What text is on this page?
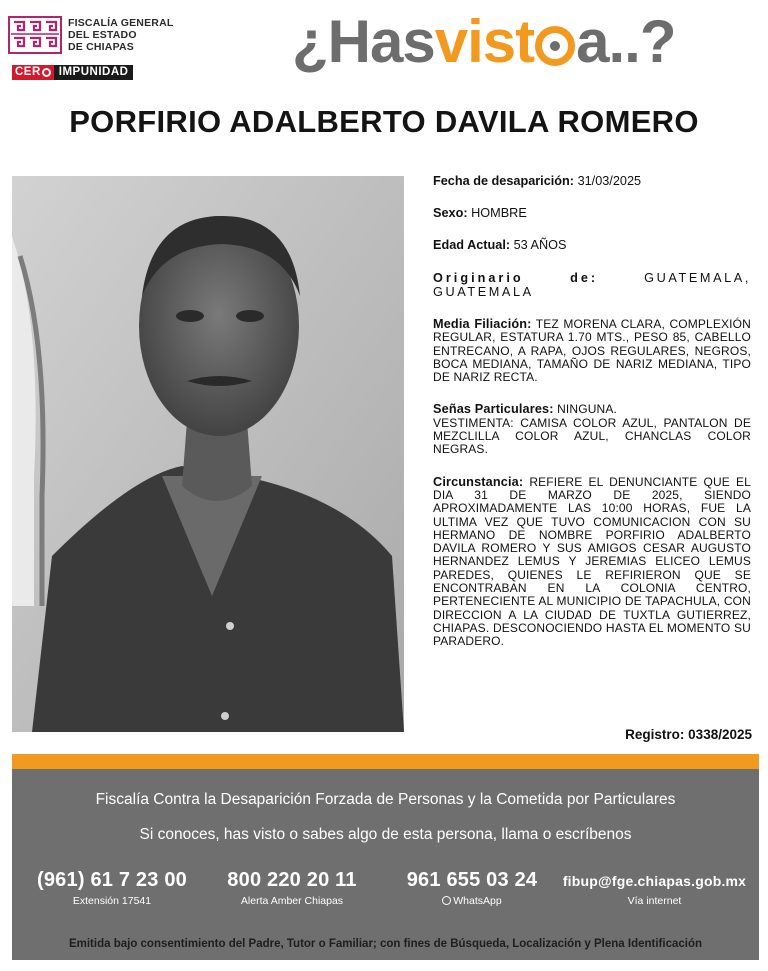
FISCALÍA GENERAL
DEL ESTADO
DE CHIAPAS
CER	IMPUNIDAD	¿Hasvist a..?
PORFIRIO ADALBERTO DAVILA ROMERO
Fecha de desaparición: 31/03/2025
Sexo: HOMBRE
Edad Actual: 53 AÑOS
Originario de:	GUATEMALA, GUATEMALA
Media Filiación: TEZ MORENA CLARA, COMPLEXIÓN REGULAR, ESTATURA 1.70 MTS., PESO 85, CABELLO ENTRECANO, A RAPA, OJOS REGULARES, NEGROS, BOCA MEDIANA, TAMAÑO DE NARIZ MEDIANA, TIPO DE NARIZ RECTA.
Señas Particulares: NINGUNA.
VESTIMENTA: CAMISA COLOR AZUL, PANTALON DE MEZCLILLA COLOR AZUL, CHANCLAS COLOR NEGRAS.
Circunstancia: REFIERE EL DENUNCIANTE QUE EL DIA 31 DE MARZO DE 2025, SIENDO APROXIMADAMENTE LAS 10:00 HORAS, FUE LA ULTIMA VEZ QUE TUVO COMUNICACION CON SU HERMANO DE NOMBRE PORFIRIO ADALBERTO DAVILA ROMERO Y SUS AMIGOS CESAR AUGUSTO HERNANDEZ LEMUS Y JEREMIAS ELICEO LEMUS PAREDES, QUIENES LE REFIRIERON QUE SE ENCONTRABAN EN LA COLONIA CENTRO, PERTENECIENTE AL MUNICIPIO DE TAPACHULA, CON DIRECCION A LA CIUDAD DE TUXTLA GUTIERREZ, CHIAPAS. DESCONOCIENDO HASTA EL MOMENTO SU PARADERO.
Registro: 0338/2025
Fiscalía Contra la Desaparición Forzada de Personas y la Cometida por Particulares
Si conoces, has visto o sabes algo de esta persona, llama o escríbenos
(961) 61 7 23 00
Extensión 17541
800 220 20 11
Alerta Amber Chiapas
961 655 03 24
WhatsApp
fibup@fge.chiapas.gob.mx
Vía internet
Emitida bajo consentimiento del Padre, Tutor o Familiar; con fines de Búsqueda, Localización y Plena Identificación
